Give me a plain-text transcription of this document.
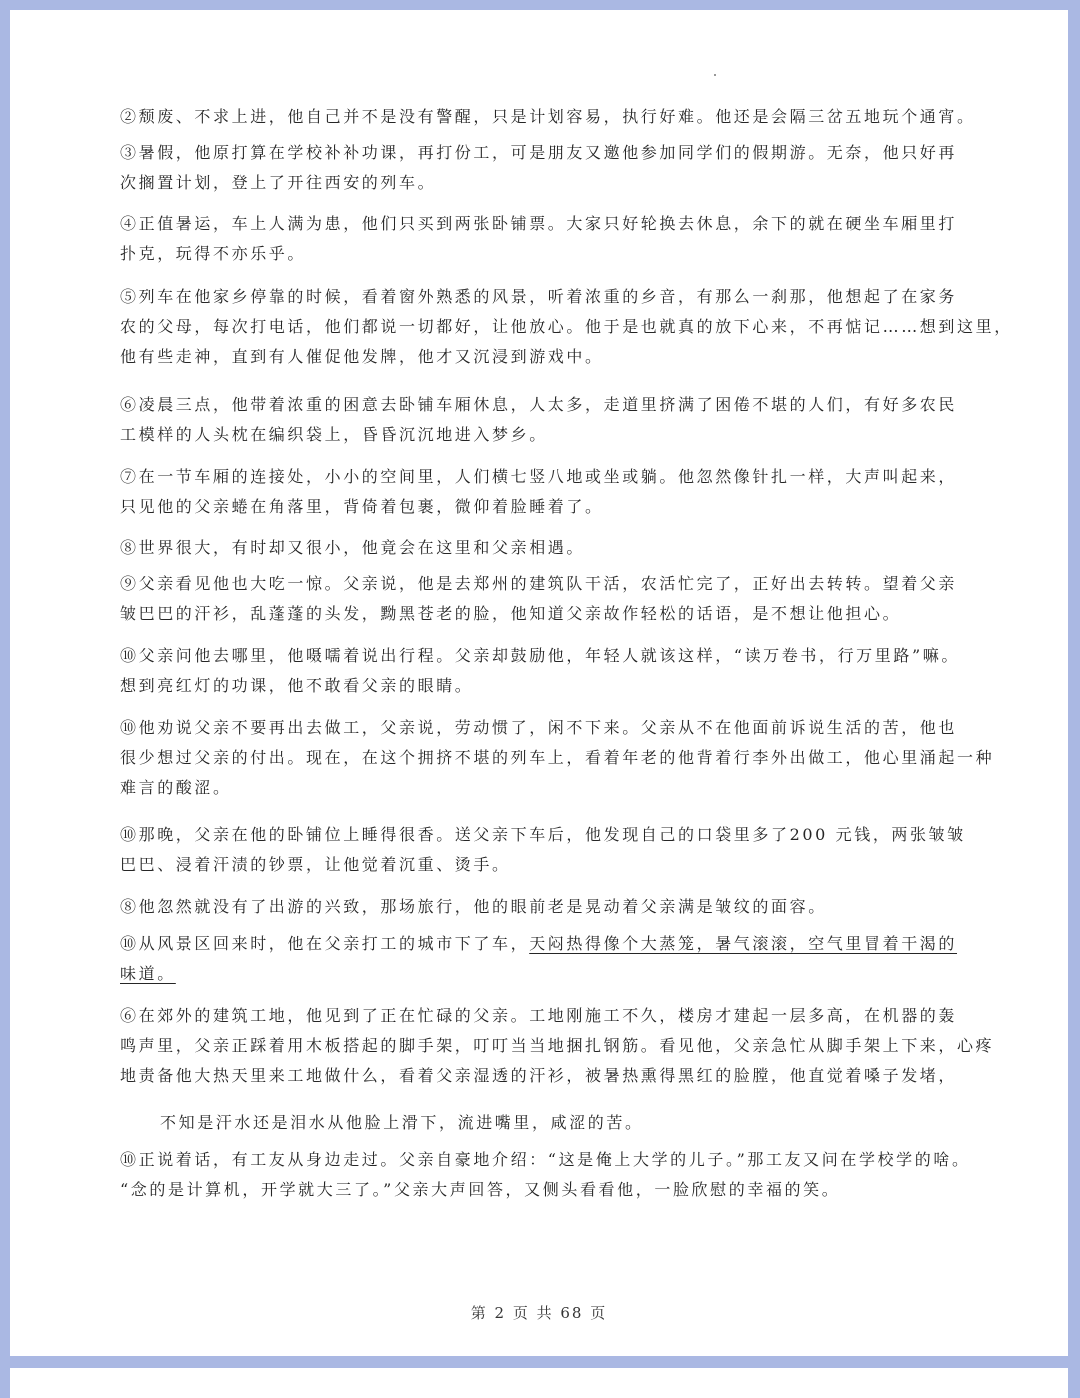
②颓废、不求上进，他自己并不是没有警醒，只是计划容易，执行好难。他还是会隔三岔五地玩个通宵。

③暑假，他原打算在学校补补功课，再打份工，可是朋友又邀他参加同学们的假期游。无奈，他只好再
次搁置计划，登上了开往西安的列车。

④正值暑运，车上人满为患，他们只买到两张卧铺票。大家只好轮换去休息，余下的就在硬坐车厢里打
扑克，玩得不亦乐乎。

⑤列车在他家乡停靠的时候，看着窗外熟悉的风景，听着浓重的乡音，有那么一刹那，他想起了在家务
农的父母，每次打电话，他们都说一切都好，让他放心。他于是也就真的放下心来，不再惦记……想到这里，
他有些走神，直到有人催促他发牌，他才又沉浸到游戏中。

⑥凌晨三点，他带着浓重的困意去卧铺车厢休息，人太多，走道里挤满了困倦不堪的人们，有好多农民
工模样的人头枕在编织袋上，昏昏沉沉地进入梦乡。

⑦在一节车厢的连接处，小小的空间里，人们横七竖八地或坐或躺。他忽然像针扎一样，大声叫起来，
只见他的父亲蜷在角落里，背倚着包裹，微仰着脸睡着了。

⑧世界很大，有时却又很小，他竟会在这里和父亲相遇。

⑨父亲看见他也大吃一惊。父亲说，他是去郑州的建筑队干活，农活忙完了，正好出去转转。望着父亲
皱巴巴的汗衫，乱蓬蓬的头发，黝黑苍老的脸，他知道父亲故作轻松的话语，是不想让他担心。

⑩父亲问他去哪里，他嗫嚅着说出行程。父亲却鼓励他，年轻人就该这样，“读万卷书，行万里路”嘛。
想到亮红灯的功课，他不敢看父亲的眼睛。

⑩他劝说父亲不要再出去做工，父亲说，劳动惯了，闲不下来。父亲从不在他面前诉说生活的苦，他也
很少想过父亲的付出。现在，在这个拥挤不堪的列车上，看着年老的他背着行李外出做工，他心里涌起一种
难言的酸涩。

⑩那晚，父亲在他的卧铺位上睡得很香。送父亲下车后，他发现自己的口袋里多了200 元钱，两张皱皱
巴巴、浸着汗渍的钞票，让他觉着沉重、烫手。

⑧他忽然就没有了出游的兴致，那场旅行，他的眼前老是晃动着父亲满是皱纹的面容。

⑩从风景区回来时，他在父亲打工的城市下了车，天闷热得像个大蒸笼，暑气滚滚，空气里冒着干渴的
味道。

⑥在郊外的建筑工地，他见到了正在忙碌的父亲。工地刚施工不久，楼房才建起一层多高，在机器的轰
鸣声里，父亲正踩着用木板搭起的脚手架，叮叮当当地捆扎钢筋。看见他，父亲急忙从脚手架上下来，心疼
地责备他大热天里来工地做什么，看着父亲湿透的汗衫，被暑热熏得黑红的脸膛，他直觉着嗓子发堵，

不知是汗水还是泪水从他脸上滑下，流进嘴里，咸涩的苦。

⑩正说着话，有工友从身边走过。父亲自豪地介绍：“这是俺上大学的儿子。”那工友又问在学校学的啥。
“念的是计算机，开学就大三了。”父亲大声回答，又侧头看看他，一脸欣慰的幸福的笑。

第 2 页 共 68 页
